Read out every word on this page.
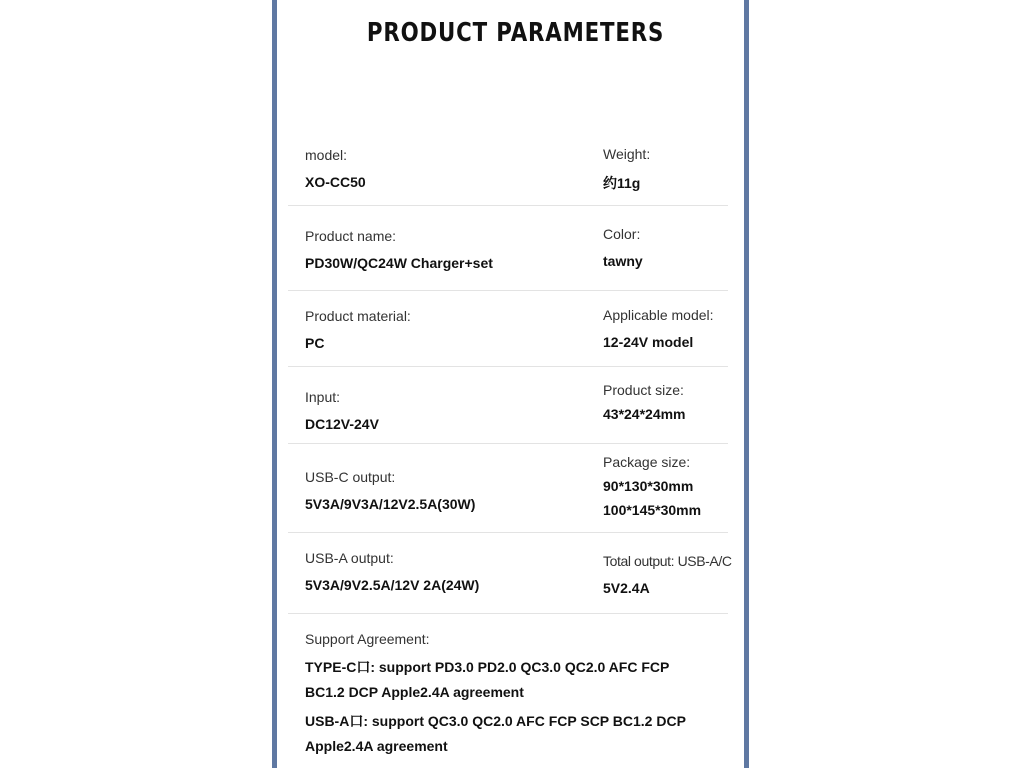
PRODUCT PARAMETERS
model:
XO-CC50
Weight:
约11g
Product name:
PD30W/QC24W Charger+set
Color:
tawny
Product material:
PC
Applicable model:
12-24V model
Input:
DC12V-24V
Product size:
43*24*24mm
USB-C output:
5V3A/9V3A/12V2.5A(30W)
Package size:
90*130*30mm
100*145*30mm
USB-A output:
5V3A/9V2.5A/12V 2A(24W)
Total output: USB-A/C
5V2.4A
Support Agreement:
TYPE-C口: support PD3.0 PD2.0 QC3.0 QC2.0 AFC FCP
BC1.2 DCP Apple2.4A agreement
USB-A口: support QC3.0 QC2.0 AFC FCP SCP BC1.2 DCP
Apple2.4A agreement
